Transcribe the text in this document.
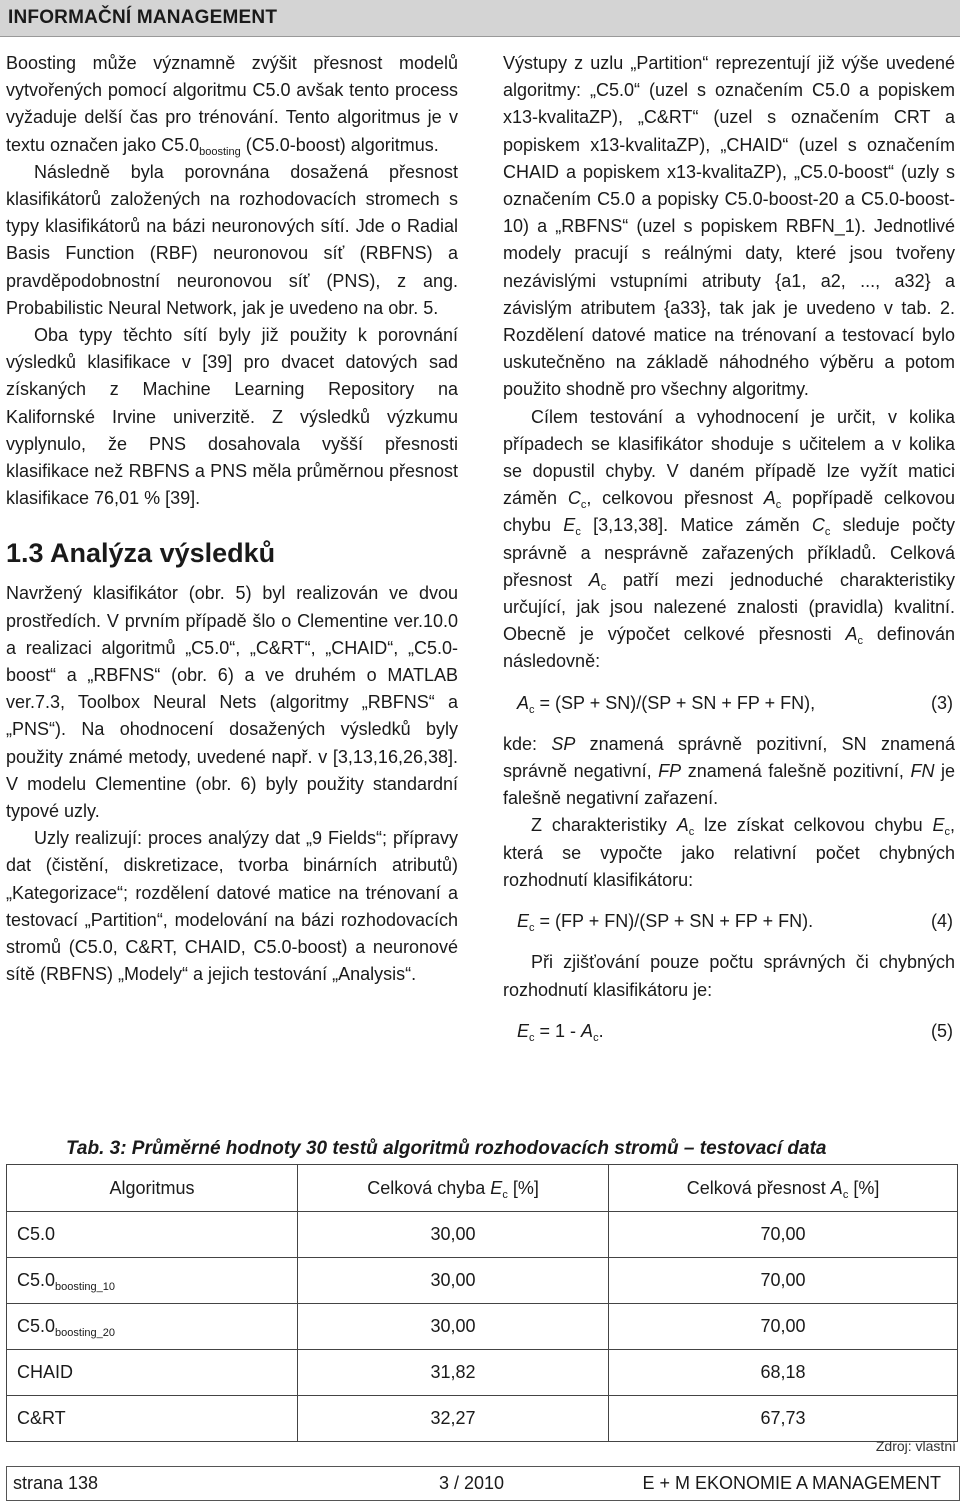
INFORMAČNÍ MANAGEMENT

Boosting může významně zvýšit přesnost modelů vytvořených pomocí algoritmu C5.0 avšak tento process vyžaduje delší čas pro trénování. Tento algoritmus je v textu označen jako $C5.0_{boosting}$ (C5.0-boost) algoritmus.

Následně byla porovnána dosažená přesnost klasifikátorů založených na rozhodovacích stromech s typy klasifikátorů na bázi neuronových sítí. Jde o Radial Basis Function (RBF) neuronovou síť (RBFNS) a pravděpodobnostní neuronovou síť (PNS), z ang. Probabilistic Neural Network, jak je uvedeno na obr. 5.

Oba typy těchto sítí byly již použity k porovnání výsledků klasifikace v [39] pro dvacet datových sad získaných z Machine Learning Repository na Kalifornské Irvine univerzitě. Z výsledků výzkumu vyplynulo, že PNS dosahovala vyšší přesnosti klasifikace než RBFNS a PNS měla průměrnou přesnost klasifikace 76,01 % [39].

1.3 Analýza výsledků

Navržený klasifikátor (obr. 5) byl realizován ve dvou prostředích. V prvním případě šlo o Clementine ver.10.0 a realizaci algoritmů „C5.0“, „C&RT“, „CHAID“, „C5.0-boost“ a „RBFNS“ (obr. 6) a ve druhém o MATLAB ver.7.3, Toolbox Neural Nets (algoritmy „RBFNS“ a „PNS“). Na ohodnocení dosažených výsledků byly použity známé metody, uvedené např. v [3,13,16,26,38]. V modelu Clementine (obr. 6) byly použity standardní typové uzly.

Uzly realizují: proces analýzy dat „9 Fields“; přípravy dat (čistění, diskretizace, tvorba binárních atributů) „Kategorizace“; rozdělení datové matice na trénovaní a testovací „Partition“, modelování na bázi rozhodovacích stromů (C5.0, C&RT, CHAID, C5.0-boost) a neuronové sítě (RBFNS) „Modely“ a jejich testování „Analysis“.

Výstupy z uzlu „Partition“ reprezentují již výše uvedené algoritmy: „C5.0“ (uzel s označením C5.0 a popiskem x13-kvalitaZP), „C&RT“ (uzel s označením CRT a popiskem x13-kvalitaZP), „CHAID“ (uzel s označením CHAID a popiskem x13-kvalitaZP), „C5.0-boost“ (uzly s označením C5.0 a popisky C5.0-boost-20 a C5.0-boost-10) a „RBFNS“ (uzel s popiskem RBFN_1). Jednotlivé modely pracují s reálnými daty, které jsou tvořeny nezávislými vstupními atributy {a1, a2, ..., a32} a závislým atributem {a33}, tak jak je uvedeno v tab. 2. Rozdělení datové matice na trénovaní a testovací bylo uskutečněno na základě náhodného výběru a potom použito shodně pro všechny algoritmy.

Cílem testování a vyhodnocení je určit, v kolika případech se klasifikátor shoduje s učitelem a v kolika se dopustil chyby. V daném případě lze vyžít matici záměn $C_c$, celkovou přesnost $A_c$ popřípadě celkovou chybu $E_c$ [3,13,38]. Matice záměn $C_c$ sleduje počty správně a nesprávně zařazených příkladů. Celková přesnost $A_c$ patří mezi jednoduché charakteristiky určující, jak jsou nalezené znalosti (pravidla) kvalitní. Obecně je výpočet celkové přesnosti $A_c$ definován následovně:

$A_c = (SP + SN)/(SP$ + SN + FP + FN),	(3)

kde: SP znamená správně pozitivní, SN znamená správně negativní, FP znamená falešně pozitivní, FN je falešně negativní zařazení.

Z charakteristiky $A_c$ lze získat celkovou chybu $E_c$, která se vypočte jako relativní počet chybných rozhodnutí klasifikátoru:

$E_c = (FP + FN)/(SP$ + SN + FP + FN).	(4)

Při zjišťování pouze počtu správných či chybných rozhodnutí klasifikátoru je:

$E_c = 1 - A_c$.	(5)
Tab. 3: Průměrné hodnoty 30 testů algoritmů rozhodovacích stromů – testovací data
Algoritmus	Celková chyba $E_c$ [%]	Celková přesnost $A_c$ [%]
C5.0	30,00	70,00
$C5.0_{boosting\_10}$	30,00	70,00
$C5.0_{boosting\_20}$	30,00	70,00
CHAID	31,82	68,18
C&RT	32,27	67,73
Zdroj: vlastní
strana 138	3 / 2010	E + M EKONOMIE A MANAGEMENT
